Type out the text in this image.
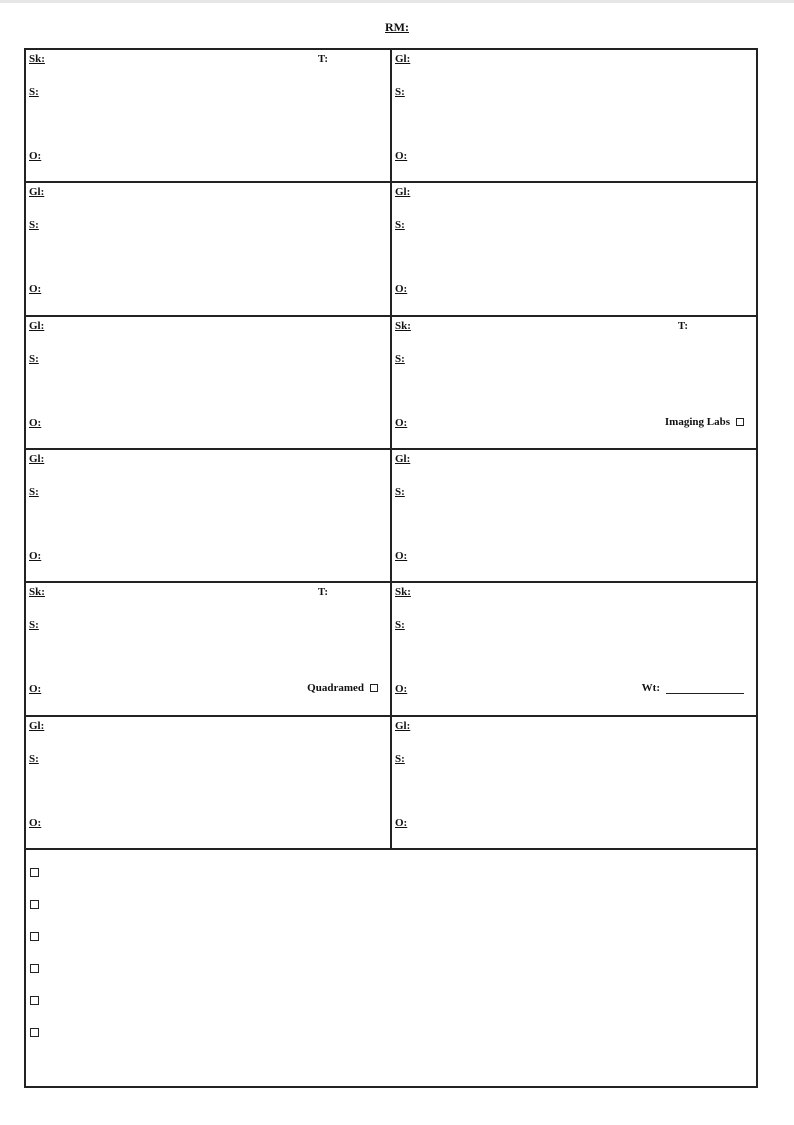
RM:
Sk:	T:
S:
O:
Gl:
S:
O:
Gl:
S:
O:
Gl:
S:
O:
Gl:
S:
O:
Sk:	T:
S:
O:	Imaging Labs
Gl:
S:
O:
Gl:
S:
O:
Sk:	T:
S:
O:	Quadramed
Sk:
S:
O:	Wt:
Gl:
S:
O:
Gl:
S:
O:
